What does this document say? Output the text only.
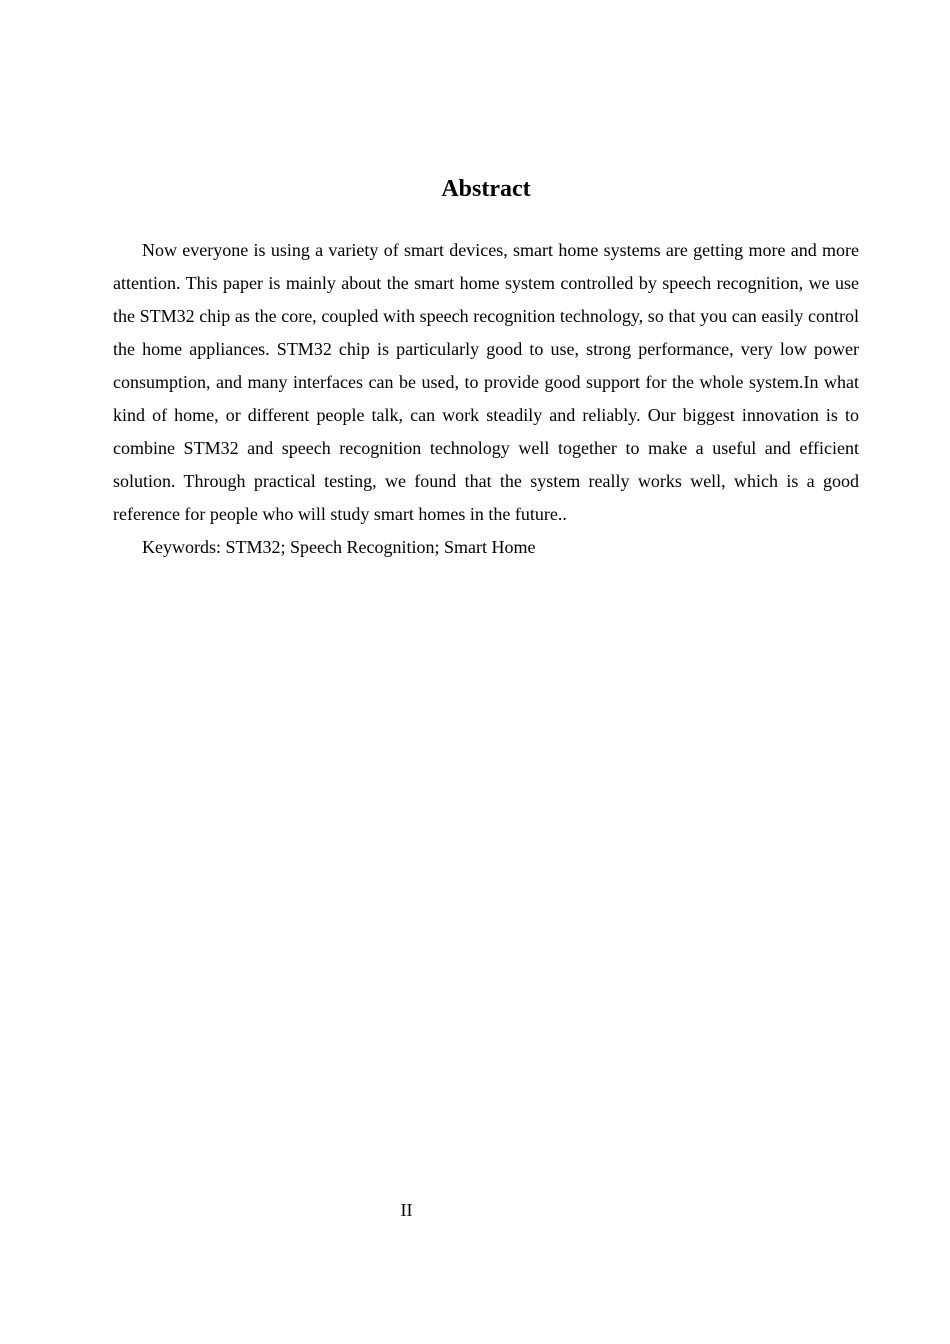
Abstract

Now everyone is using a variety of smart devices, smart home systems are getting more and more attention. This paper is mainly about the smart home system controlled by speech recognition, we use the STM32 chip as the core, coupled with speech recognition technology, so that you can easily control the home appliances. STM32 chip is particularly good to use, strong performance, very low power consumption, and many interfaces can be used, to provide good support for the whole system.In what kind of home, or different people talk, can work steadily and reliably. Our biggest innovation is to combine STM32 and speech recognition technology well together to make a useful and efficient solution. Through practical testing, we found that the system really works well, which is a good reference for people who will study smart homes in the future..

Keywords: STM32; Speech Recognition; Smart Home

II
